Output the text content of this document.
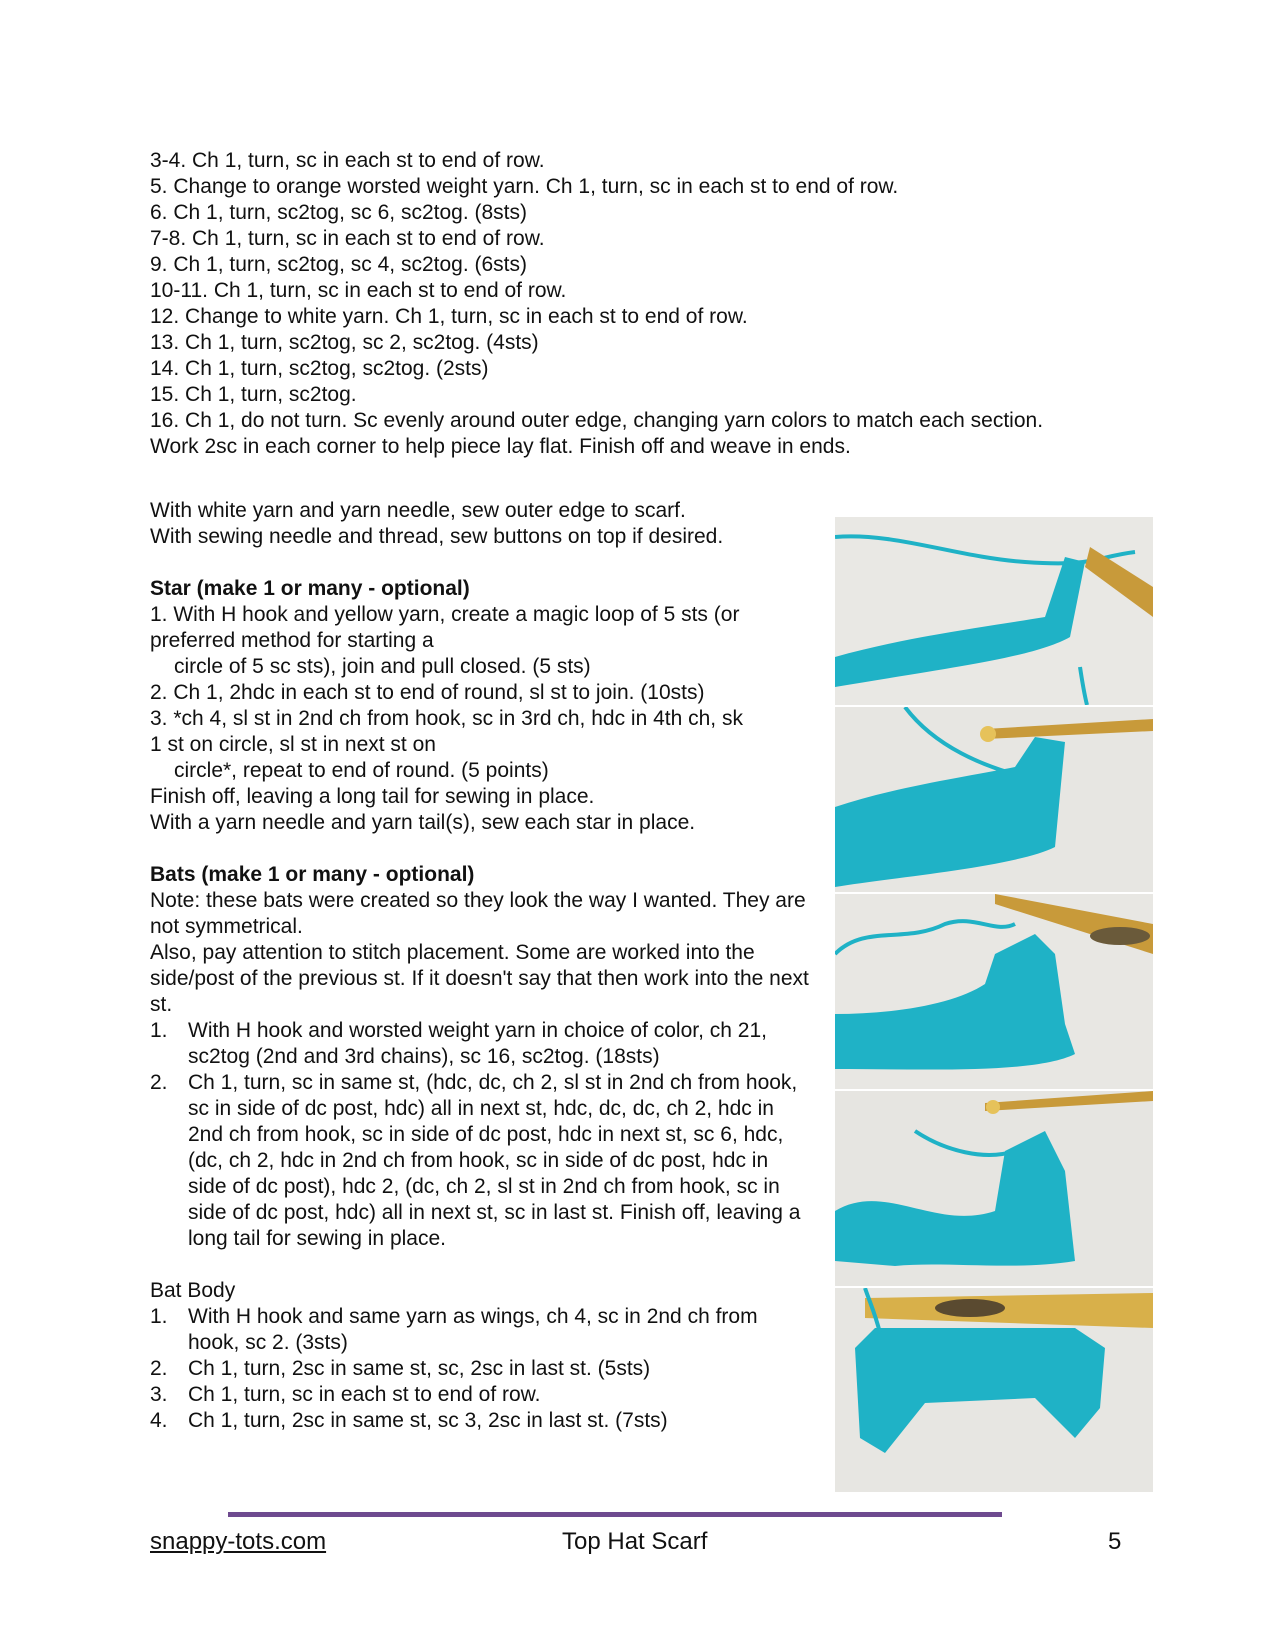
3-4. Ch 1, turn, sc in each st to end of row.
5. Change to orange worsted weight yarn. Ch 1, turn, sc in each st to end of row.
6. Ch 1, turn, sc2tog, sc 6, sc2tog. (8sts)
7-8. Ch 1, turn, sc in each st to end of row.
9. Ch 1, turn, sc2tog, sc 4, sc2tog. (6sts)
10-11. Ch 1, turn, sc in each st to end of row.
12. Change to white yarn. Ch 1, turn, sc in each st to end of row.
13. Ch 1, turn, sc2tog, sc 2, sc2tog. (4sts)
14. Ch 1, turn, sc2tog, sc2tog. (2sts)
15. Ch 1, turn, sc2tog.
16. Ch 1, do not turn. Sc evenly around outer edge, changing yarn colors to match each section.
Work 2sc in each corner to help piece lay flat. Finish off and weave in ends.
With white yarn and yarn needle, sew outer edge to scarf.
With sewing needle and thread, sew buttons on top if desired.
Star (make 1 or many - optional)
1. With H hook and yellow yarn, create a magic loop of 5 sts (or
preferred method for starting a
circle of 5 sc sts), join and pull closed. (5 sts)
2. Ch 1, 2hdc in each st to end of round, sl st to join. (10sts)
3. *ch 4, sl st in 2nd ch from hook, sc in 3rd ch, hdc in 4th ch, sk
1 st on circle, sl st in next st on
circle*, repeat to end of round. (5 points)
Finish off, leaving a long tail for sewing in place.
With a yarn needle and yarn tail(s), sew each star in place.
Bats (make 1 or many - optional)
Note: these bats were created so they look the way I wanted. They are not symmetrical.
Also, pay attention to stitch placement. Some are worked into the side/post of the previous st. If it doesn't say that then work into the next st.
1. With H hook and worsted weight yarn in choice of color, ch 21, sc2tog (2nd and 3rd chains), sc 16, sc2tog. (18sts)
2. Ch 1, turn, sc in same st, (hdc, dc, ch 2, sl st in 2nd ch from hook, sc in side of dc post, hdc) all in next st, hdc, dc, dc, ch 2, hdc in 2nd ch from hook, sc in side of dc post, hdc in next st, sc 6, hdc, (dc, ch 2, hdc in 2nd ch from hook, sc in side of dc post, hdc in side of dc post), hdc 2, (dc, ch 2, sl st in 2nd ch from hook, sc in side of dc post, hdc) all in next st, sc in last st. Finish off, leaving a long tail for sewing in place.
Bat Body
1. With H hook and same yarn as wings, ch 4, sc in 2nd ch from hook, sc 2. (3sts)
2. Ch 1, turn, 2sc in same st, sc, 2sc in last st. (5sts)
3. Ch 1, turn, sc in each st to end of row.
4. Ch 1, turn, 2sc in same st, sc 3, 2sc in last st. (7sts)
snappy-tots.com	Top Hat Scarf	5
